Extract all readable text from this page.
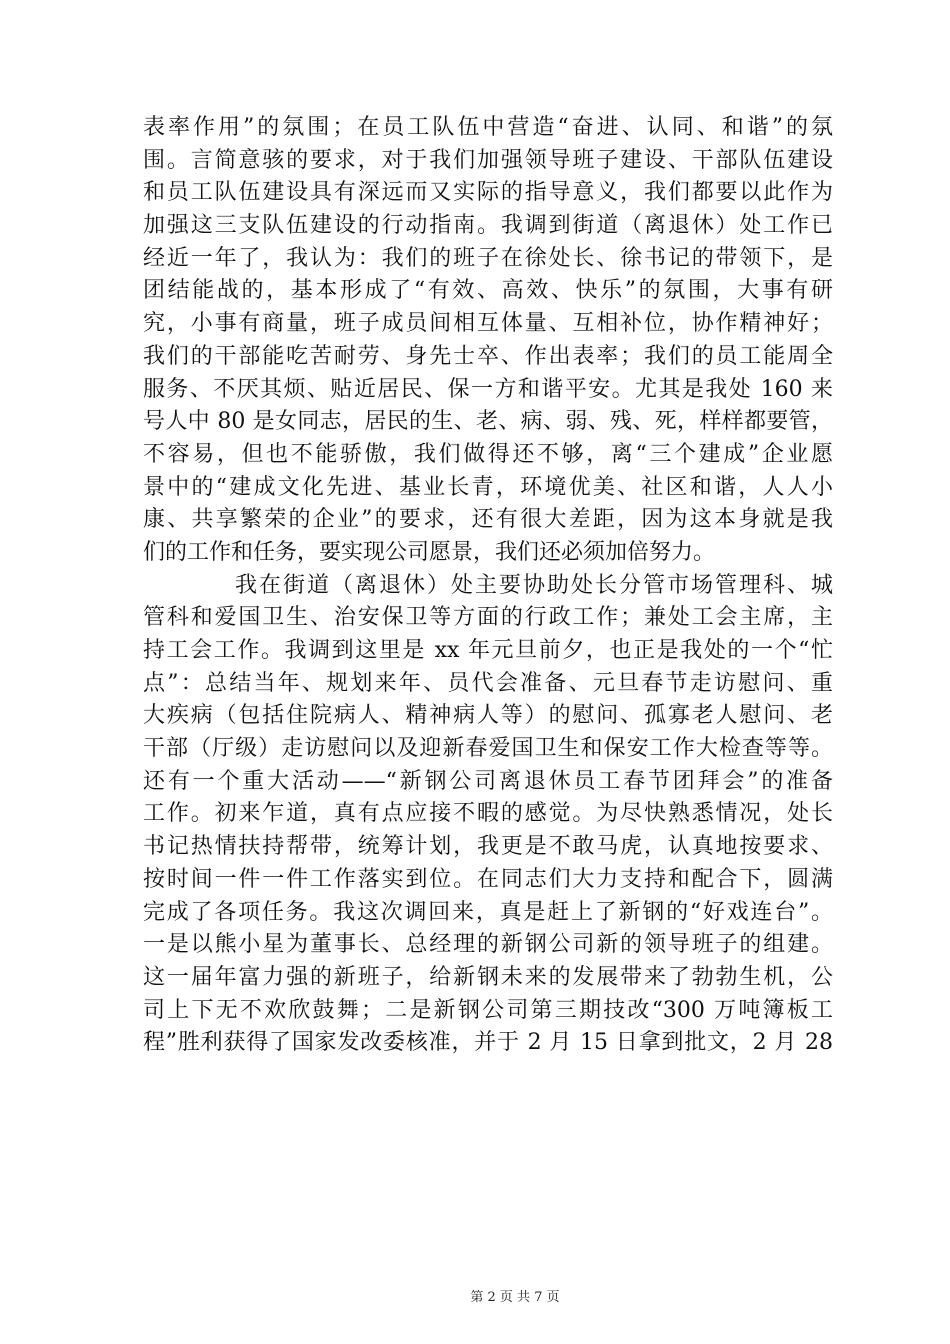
表率作用”的氛围；在员工队伍中营造“奋进、认同、和谐”的氛
围。言简意骇的要求，对于我们加强领导班子建设、干部队伍建设
和员工队伍建设具有深远而又实际的指导意义，我们都要以此作为
加强这三支队伍建设的行动指南。我调到街道（离退休）处工作已
经近一年了，我认为：我们的班子在徐处长、徐书记的带领下，是
团结能战的，基本形成了“有效、高效、快乐”的氛围，大事有研
究，小事有商量，班子成员间相互体量、互相补位，协作精神好；
我们的干部能吃苦耐劳、身先士卒、作出表率；我们的员工能周全
服务、不厌其烦、贴近居民、保一方和谐平安。尤其是我处 160 来
号人中 80 是女同志，居民的生、老、病、弱、残、死，样样都要管，
不容易，但也不能骄傲，我们做得还不够，离“三个建成”企业愿
景中的“建成文化先进、基业长青，环境优美、社区和谐，人人小
康、共享繁荣的企业”的要求，还有很大差距，因为这本身就是我
们的工作和任务，要实现公司愿景，我们还必须加倍努力。
我在街道（离退休）处主要协助处长分管市场管理科、城
管科和爱国卫生、治安保卫等方面的行政工作；兼处工会主席，主
持工会工作。我调到这里是 xx 年元旦前夕，也正是我处的一个“忙
点”：总结当年、规划来年、员代会准备、元旦春节走访慰问、重
大疾病（包括住院病人、精神病人等）的慰问、孤寡老人慰问、老
干部（厅级）走访慰问以及迎新春爱国卫生和保安工作大检查等等。
还有一个重大活动——“新钢公司离退休员工春节团拜会”的准备
工作。初来乍道，真有点应接不暇的感觉。为尽快熟悉情况，处长
书记热情扶持帮带，统筹计划，我更是不敢马虎，认真地按要求、
按时间一件一件工作落实到位。在同志们大力支持和配合下，圆满
完成了各项任务。我这次调回来，真是赶上了新钢的“好戏连台”。
一是以熊小星为董事长、总经理的新钢公司新的领导班子的组建。
这一届年富力强的新班子，给新钢未来的发展带来了勃勃生机，公
司上下无不欢欣鼓舞；二是新钢公司第三期技改“300 万吨簿板工
程”胜利获得了国家发改委核准，并于 2 月 15 日拿到批文，2 月 28
第 2 页 共 7 页
